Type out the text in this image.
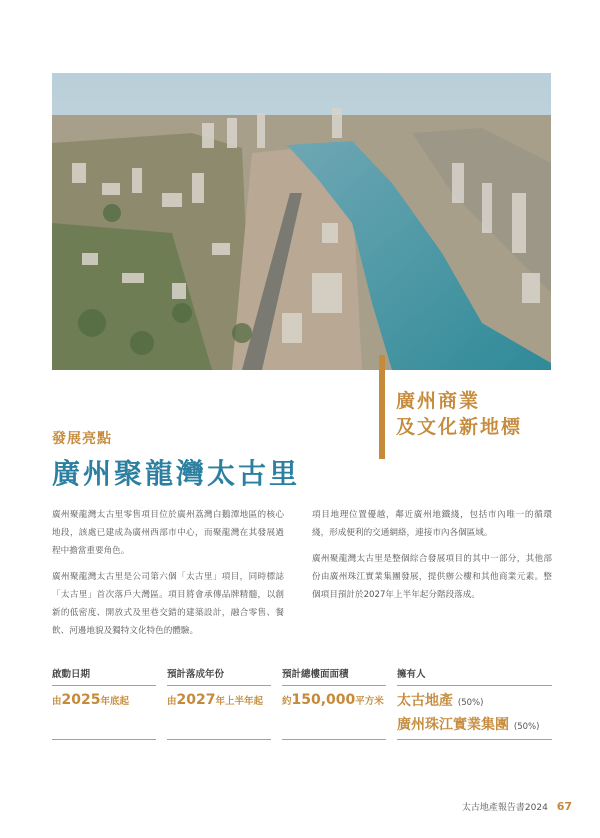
廣州商業
及文化新地標
發展亮點
廣州聚龍灣太古里

廣州聚龍灣太古里零售項目位於廣州荔灣白鵝潭地區的核心地段，該處已建成為廣州西部市中心，而聚龍灣在其發展過程中擔當重要角色。

廣州聚龍灣太古里是公司第六個「太古里」項目，同時標誌「太古里」首次落戶大灣區。項目將會承傳品牌精髓，以創新的低密度、開放式及里巷交錯的建築設計，融合零售、餐飲、河邊地貌及獨特文化特色的體驗。

項目地理位置優越，鄰近廣州地鐵綫，包括市內唯一的循環綫，形成便利的交通網絡，連接市內各個區域。

廣州聚龍灣太古里是整個綜合發展項目的其中一部分，其他部份由廣州珠江實業集團發展，提供辦公樓和其他商業元素。整個項目預計於2027年上半年起分階段落成。

啟動日期
由2025年底起
預計落成年份
由2027年上半年起
預計總樓面面積
約150,000平方米
擁有人
太古地產 (50%)
廣州珠江實業集團 (50%)
太古地產報告書2024 67
